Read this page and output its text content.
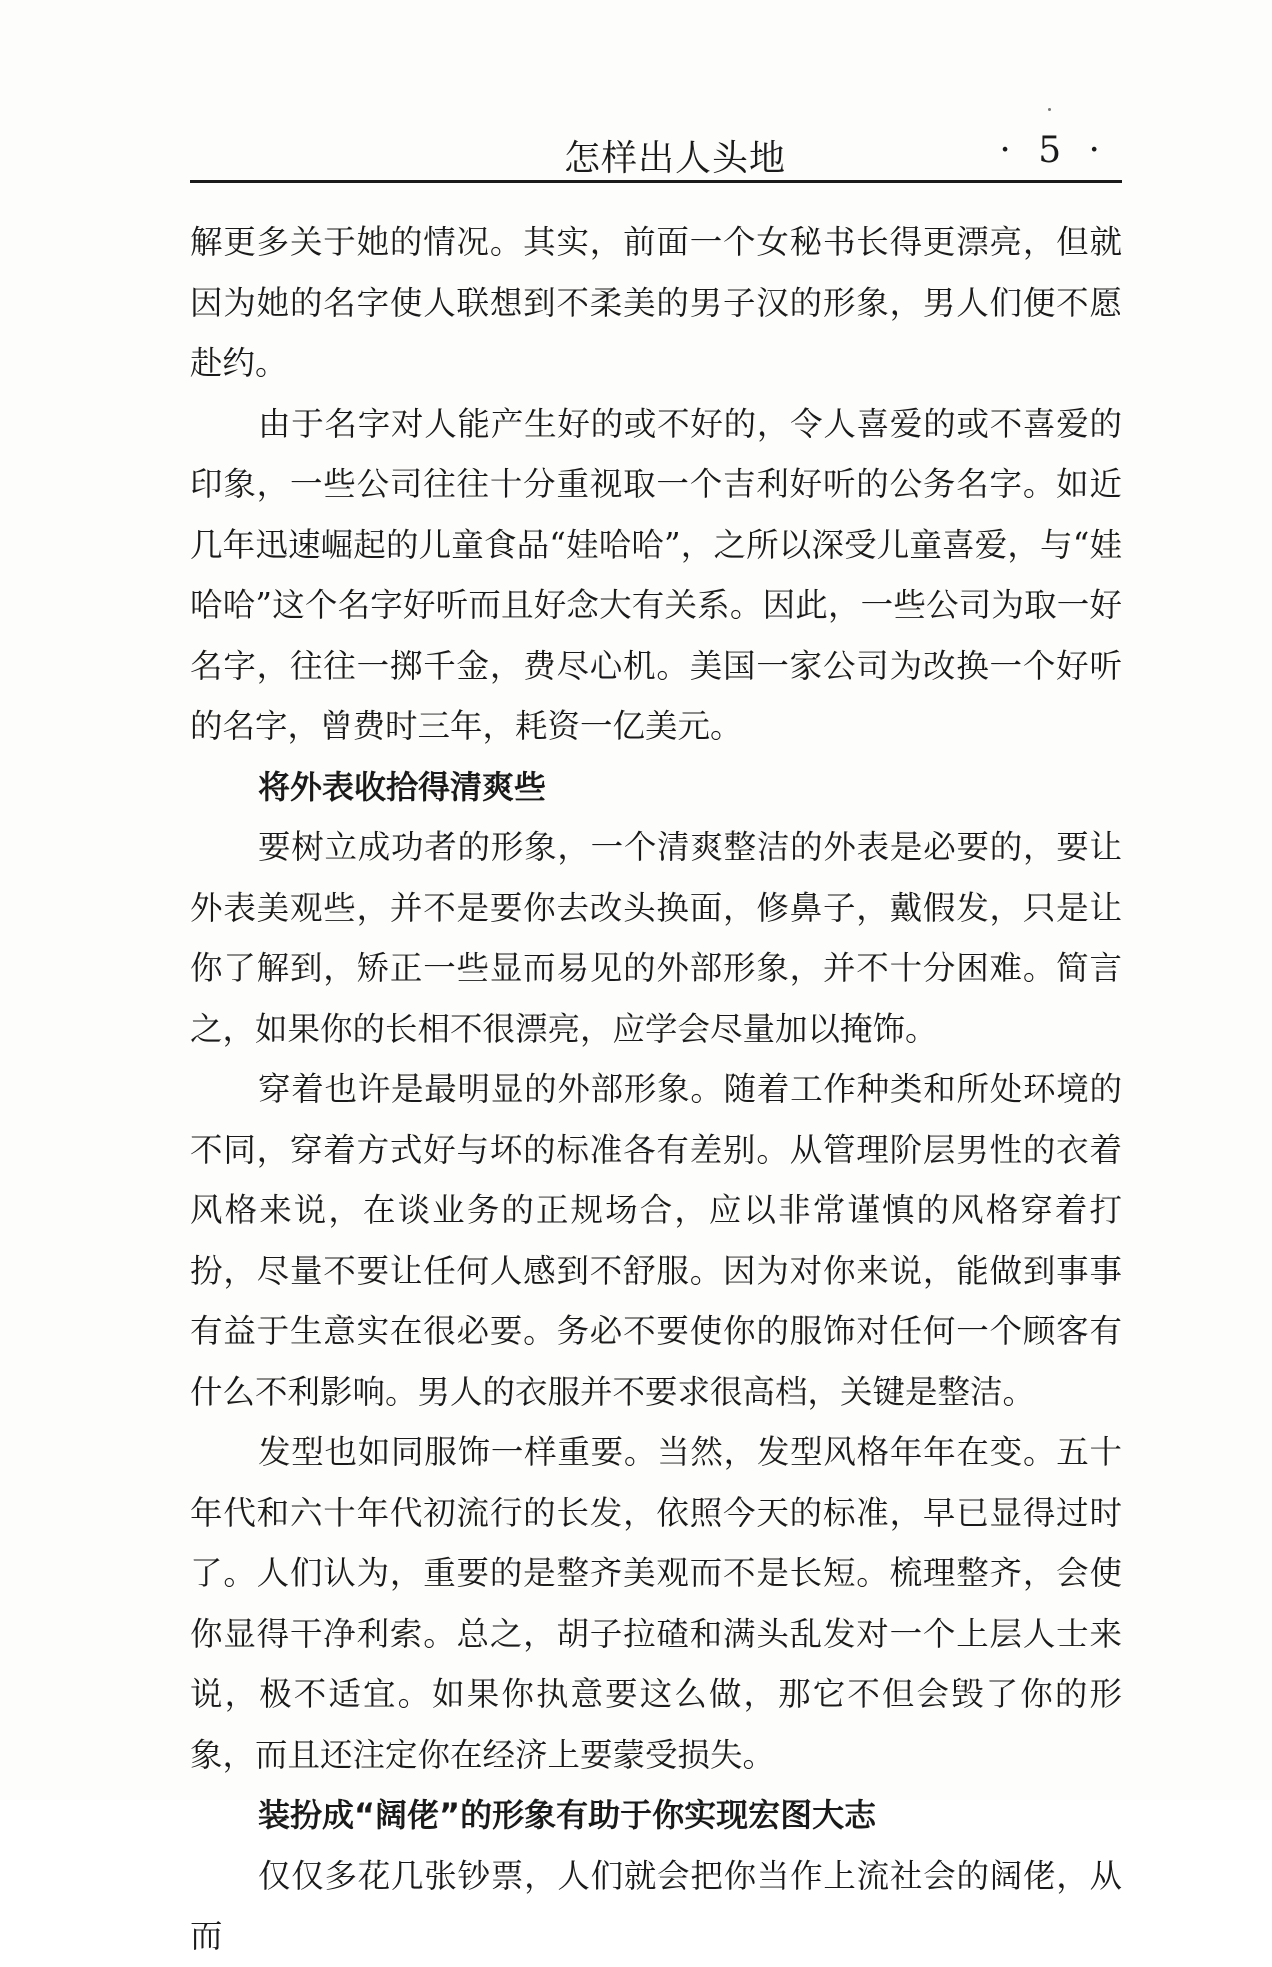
怎样出人头地	· 5 ·

解更多关于她的情况。其实，前面一个女秘书长得更漂亮，但就因为她的名字使人联想到不柔美的男子汉的形象，男人们便不愿赴约。

由于名字对人能产生好的或不好的，令人喜爱的或不喜爱的印象，一些公司往往十分重视取一个吉利好听的公务名字。如近几年迅速崛起的儿童食品“娃哈哈”，之所以深受儿童喜爱，与“娃哈哈”这个名字好听而且好念大有关系。因此，一些公司为取一好名字，往往一掷千金，费尽心机。美国一家公司为改换一个好听的名字，曾费时三年，耗资一亿美元。

将外表收拾得清爽些

要树立成功者的形象，一个清爽整洁的外表是必要的，要让外表美观些，并不是要你去改头换面，修鼻子，戴假发，只是让你了解到，矫正一些显而易见的外部形象，并不十分困难。简言之，如果你的长相不很漂亮，应学会尽量加以掩饰。

穿着也许是最明显的外部形象。随着工作种类和所处环境的不同，穿着方式好与坏的标准各有差别。从管理阶层男性的衣着风格来说，在谈业务的正规场合，应以非常谨慎的风格穿着打扮，尽量不要让任何人感到不舒服。因为对你来说，能做到事事有益于生意实在很必要。务必不要使你的服饰对任何一个顾客有什么不利影响。男人的衣服并不要求很高档，关键是整洁。

发型也如同服饰一样重要。当然，发型风格年年在变。五十年代和六十年代初流行的长发，依照今天的标准，早已显得过时了。人们认为，重要的是整齐美观而不是长短。梳理整齐，会使你显得干净利索。总之，胡子拉碴和满头乱发对一个上层人士来说，极不适宜。如果你执意要这么做，那它不但会毁了你的形象，而且还注定你在经济上要蒙受损失。

装扮成“阔佬”的形象有助于你实现宏图大志

仅仅多花几张钞票，人们就会把你当作上流社会的阔佬，从而
